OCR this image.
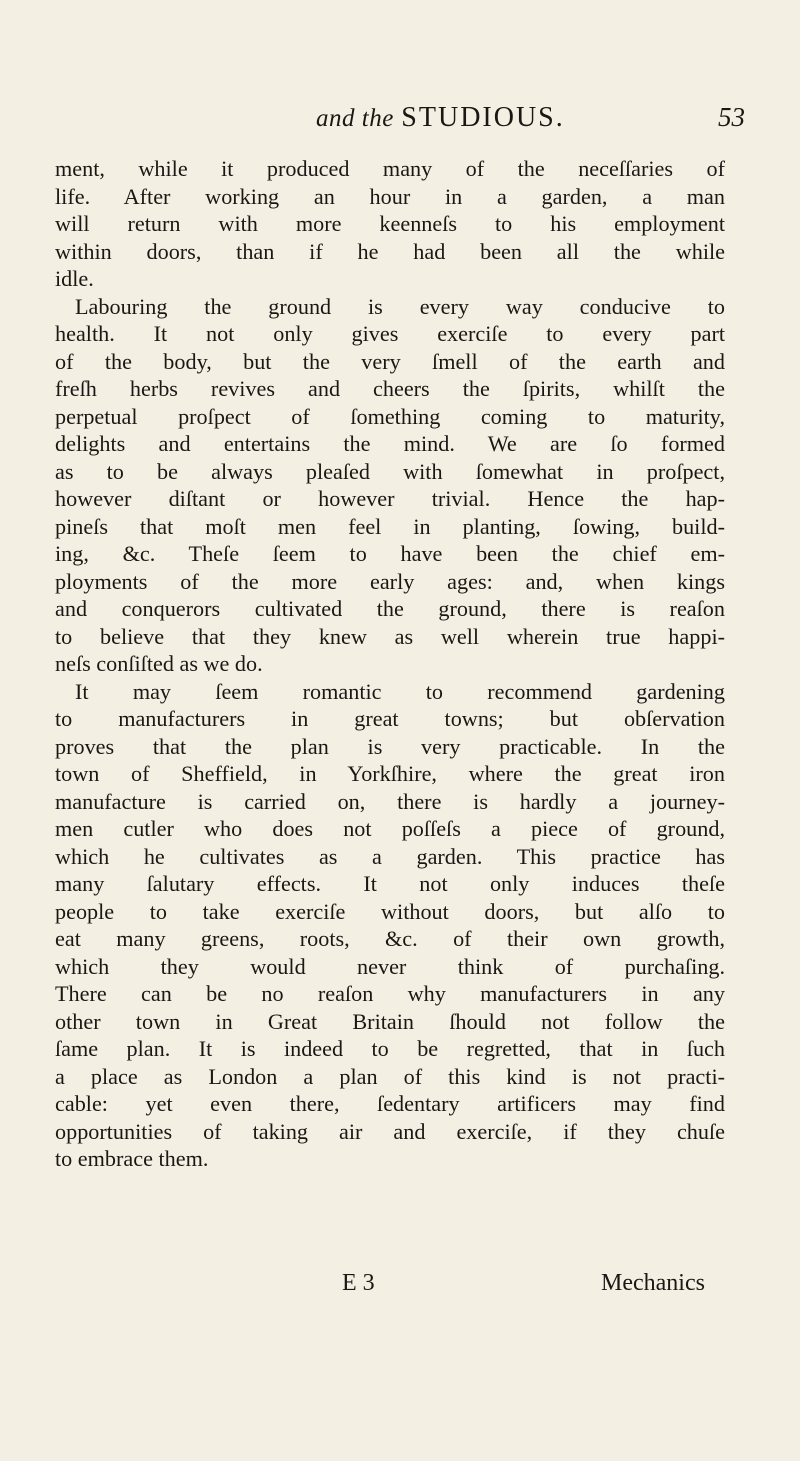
and the STUDIOUS.	53
ment, while it produced many of the neceſſaries of
life. After working an hour in a garden, a man
will return with more keenneſs to his employment
within doors, than if he had been all the while
idle.
Labouring the ground is every way conducive to
health. It not only gives exerciſe to every part
of the body, but the very ſmell of the earth and
freſh herbs revives and cheers the ſpirits, whilſt the
perpetual proſpect of ſomething coming to maturity,
delights and entertains the mind. We are ſo formed
as to be always pleaſed with ſomewhat in proſpect,
however diſtant or however trivial. Hence the hap-
pineſs that moſt men feel in planting, ſowing, build-
ing, &c. Theſe ſeem to have been the chief em-
ployments of the more early ages: and, when kings
and conquerors cultivated the ground, there is reaſon
to believe that they knew as well wherein true happi-
neſs conſiſted as we do.
It may ſeem romantic to recommend gardening
to manufacturers in great towns; but obſervation
proves that the plan is very practicable. In the
town of Sheffield, in Yorkſhire, where the great iron
manufacture is carried on, there is hardly a journey-
men cutler who does not poſſeſs a piece of ground,
which he cultivates as a garden. This practice has
many ſalutary effects. It not only induces theſe
people to take exerciſe without doors, but alſo to
eat many greens, roots, &c. of their own growth,
which they would never think of purchaſing.
There can be no reaſon why manufacturers in any
other town in Great Britain ſhould not follow the
ſame plan. It is indeed to be regretted, that in ſuch
a place as London a plan of this kind is not practi-
cable: yet even there, ſedentary artificers may find
opportunities of taking air and exerciſe, if they chuſe
to embrace them.
E 3	Mechanics
